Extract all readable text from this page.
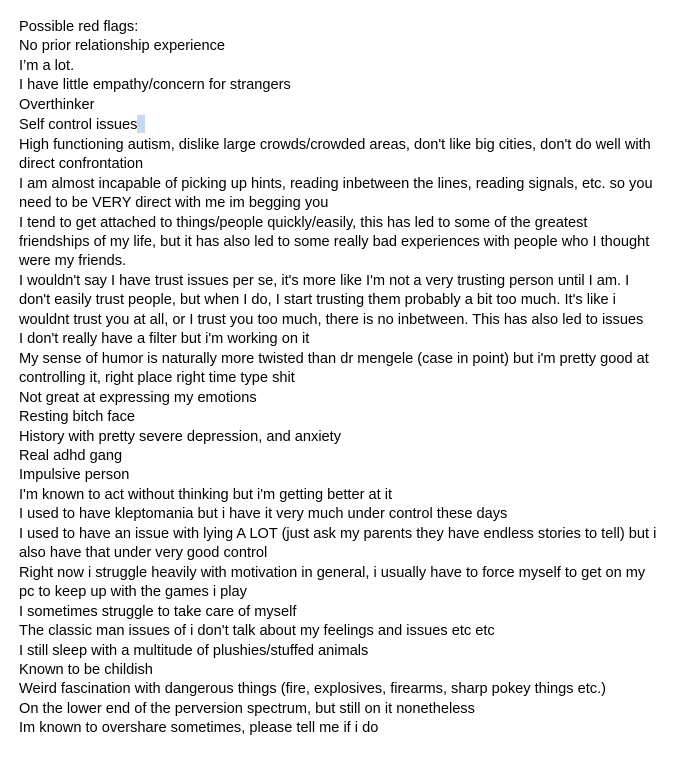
Possible red flags:

No prior relationship experience

I’m a lot.

I have little empathy/concern for strangers

Overthinker

Self control issues

High functioning autism, dislike large crowds/crowded areas, don't like big cities, don't do well with direct confrontation

I am almost incapable of picking up hints, reading inbetween the lines, reading signals, etc. so you need to be VERY direct with me im begging you

I tend to get attached to things/people quickly/easily, this has led to some of the greatest friendships of my life, but it has also led to some really bad experiences with people who I thought were my friends.

I wouldn't say I have trust issues per se, it's more like I'm not a very trusting person until I am. I don't easily trust people, but when I do, I start trusting them probably a bit too much. It's like i wouldnt trust you at all, or I trust you too much, there is no inbetween. This has also led to issues

I don't really have a filter but i'm working on it

My sense of humor is naturally more twisted than dr mengele (case in point) but i'm pretty good at controlling it, right place right time type shit

Not great at expressing my emotions

Resting bitch face

History with pretty severe depression, and anxiety

Real adhd gang

Impulsive person

I'm known to act without thinking but i'm getting better at it

I used to have kleptomania but i have it very much under control these days

I used to have an issue with lying A LOT (just ask my parents they have endless stories to tell) but i also have that under very good control

Right now i struggle heavily with motivation in general, i usually have to force myself to get on my pc to keep up with the games i play

I sometimes struggle to take care of myself

The classic man issues of i don't talk about my feelings and issues etc etc

I still sleep with a multitude of plushies/stuffed animals

Known to be childish

Weird fascination with dangerous things (fire, explosives, firearms, sharp pokey things etc.)

On the lower end of the perversion spectrum, but still on it nonetheless

Im known to overshare sometimes, please tell me if i do
